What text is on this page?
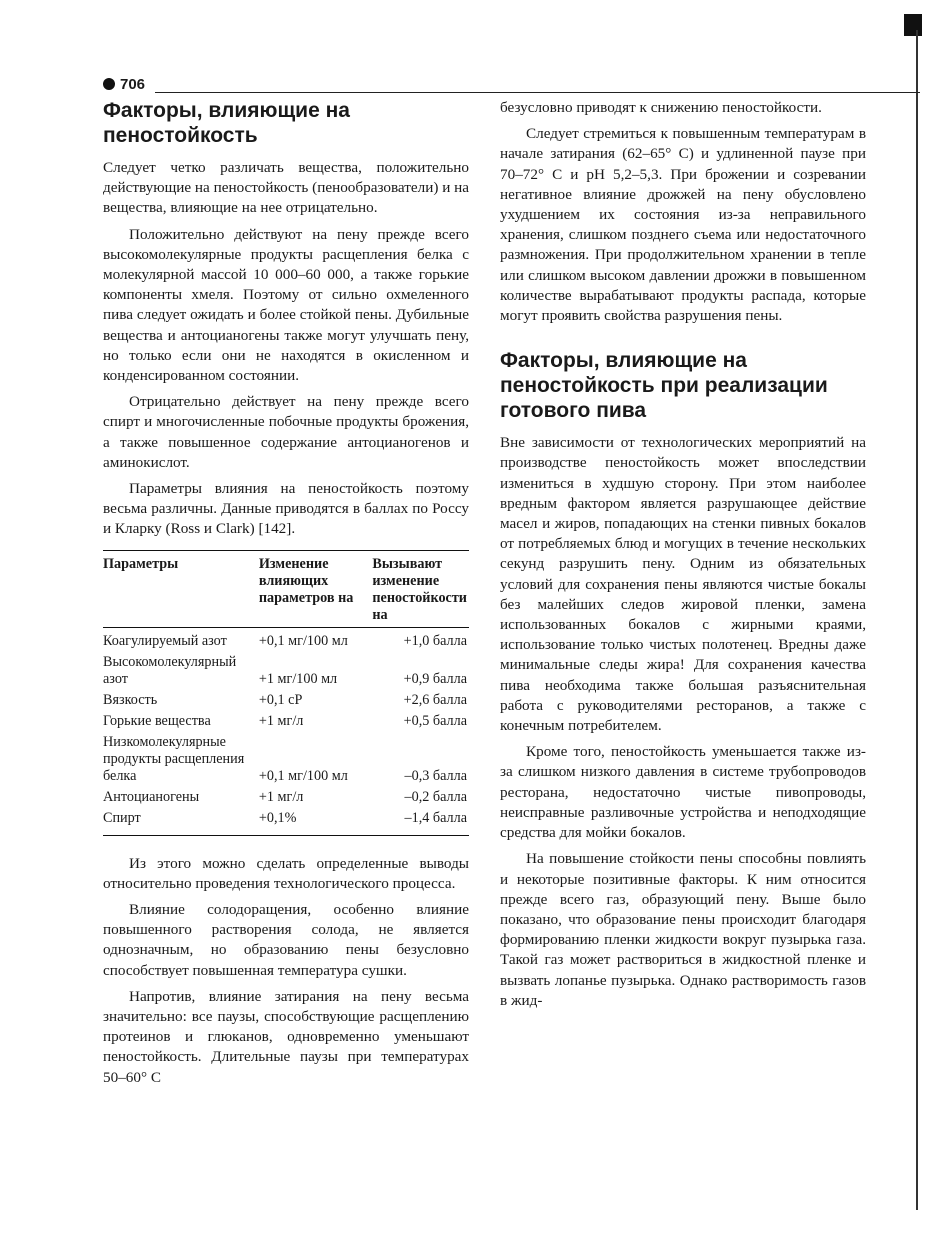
706
Факторы, влияющие на пеностойкость

Следует четко различать вещества, положительно действующие на пеностойкость (пенообразователи) и на вещества, влияющие на нее отрицательно.

Положительно действуют на пену прежде всего высокомолекулярные продукты расщепления белка с молекулярной массой 10 000–60 000, а также горькие компоненты хмеля. Поэтому от сильно охмеленного пива следует ожидать и более стойкой пены. Дубильные вещества и антоцианогены также могут улучшать пену, но только если они не находятся в окисленном и конденсированном состоянии.

Отрицательно действует на пену прежде всего спирт и многочисленные побочные продукты брожения, а также повышенное содержание антоцианогенов и аминокислот.

Параметры влияния на пеностойкость поэтому весьма различны. Данные приводятся в баллах по Россу и Кларку (Ross и Clark) [142].

Параметры	Изменение влияющих параметров на	Вызывают изменение пеностойкости на
Коагулируемый азот	+0,1 мг/100 мл	+1,0 балла
Высокомолекулярный азот	+1 мг/100 мл	+0,9 балла
Вязкость	+0,1 cP	+2,6 балла
Горькие вещества	+1 мг/л	+0,5 балла
Низкомолекулярные продукты расщепления белка	+0,1 мг/100 мл	–0,3 балла
Антоцианогены	+1 мг/л	–0,2 балла
Спирт	+0,1%	–1,4 балла

Из этого можно сделать определенные выводы относительно проведения технологического процесса.

Влияние солодоращения, особенно влияние повышенного растворения солода, не является однозначным, но образованию пены безусловно способствует повышенная температура сушки.

Напротив, влияние затирания на пену весьма значительно: все паузы, способствующие расщеплению протеинов и глюканов, одновременно уменьшают пеностойкость. Длительные паузы при температурах 50–60° С

безусловно приводят к снижению пеностойкости.

Следует стремиться к повышенным температурам в начале затирания (62–65° С) и удлиненной паузе при 70–72° С и рН 5,2–5,3. При брожении и созревании негативное влияние дрожжей на пену обусловлено ухудшением их состояния из-за неправильного хранения, слишком позднего съема или недостаточного размножения. При продолжительном хранении в тепле или слишком высоком давлении дрожжи в повышенном количестве вырабатывают продукты распада, которые могут проявить свойства разрушения пены.

Факторы, влияющие на пеностойкость при реализации готового пива

Вне зависимости от технологических мероприятий на производстве пеностойкость может впоследствии измениться в худшую сторону. При этом наиболее вредным фактором является разрушающее действие масел и жиров, попадающих на стенки пивных бокалов от потребляемых блюд и могущих в течение нескольких секунд разрушить пену. Одним из обязательных условий для сохранения пены являются чистые бокалы без малейших следов жировой пленки, замена использованных бокалов с жирными краями, использование только чистых полотенец. Вредны даже минимальные следы жира! Для сохранения качества пива необходима также большая разъяснительная работа с руководителями ресторанов, а также с конечным потребителем.

Кроме того, пеностойкость уменьшается также из-за слишком низкого давления в системе трубопроводов ресторана, недостаточно чистые пивопроводы, неисправные разливочные устройства и неподходящие средства для мойки бокалов.

На повышение стойкости пены способны повлиять и некоторые позитивные факторы. К ним относится прежде всего газ, образующий пену. Выше было показано, что образование пены происходит благодаря формированию пленки жидкости вокруг пузырька газа. Такой газ может раствориться в жидкостной пленке и вызвать лопанье пузырька. Однако растворимость газов в жид-
